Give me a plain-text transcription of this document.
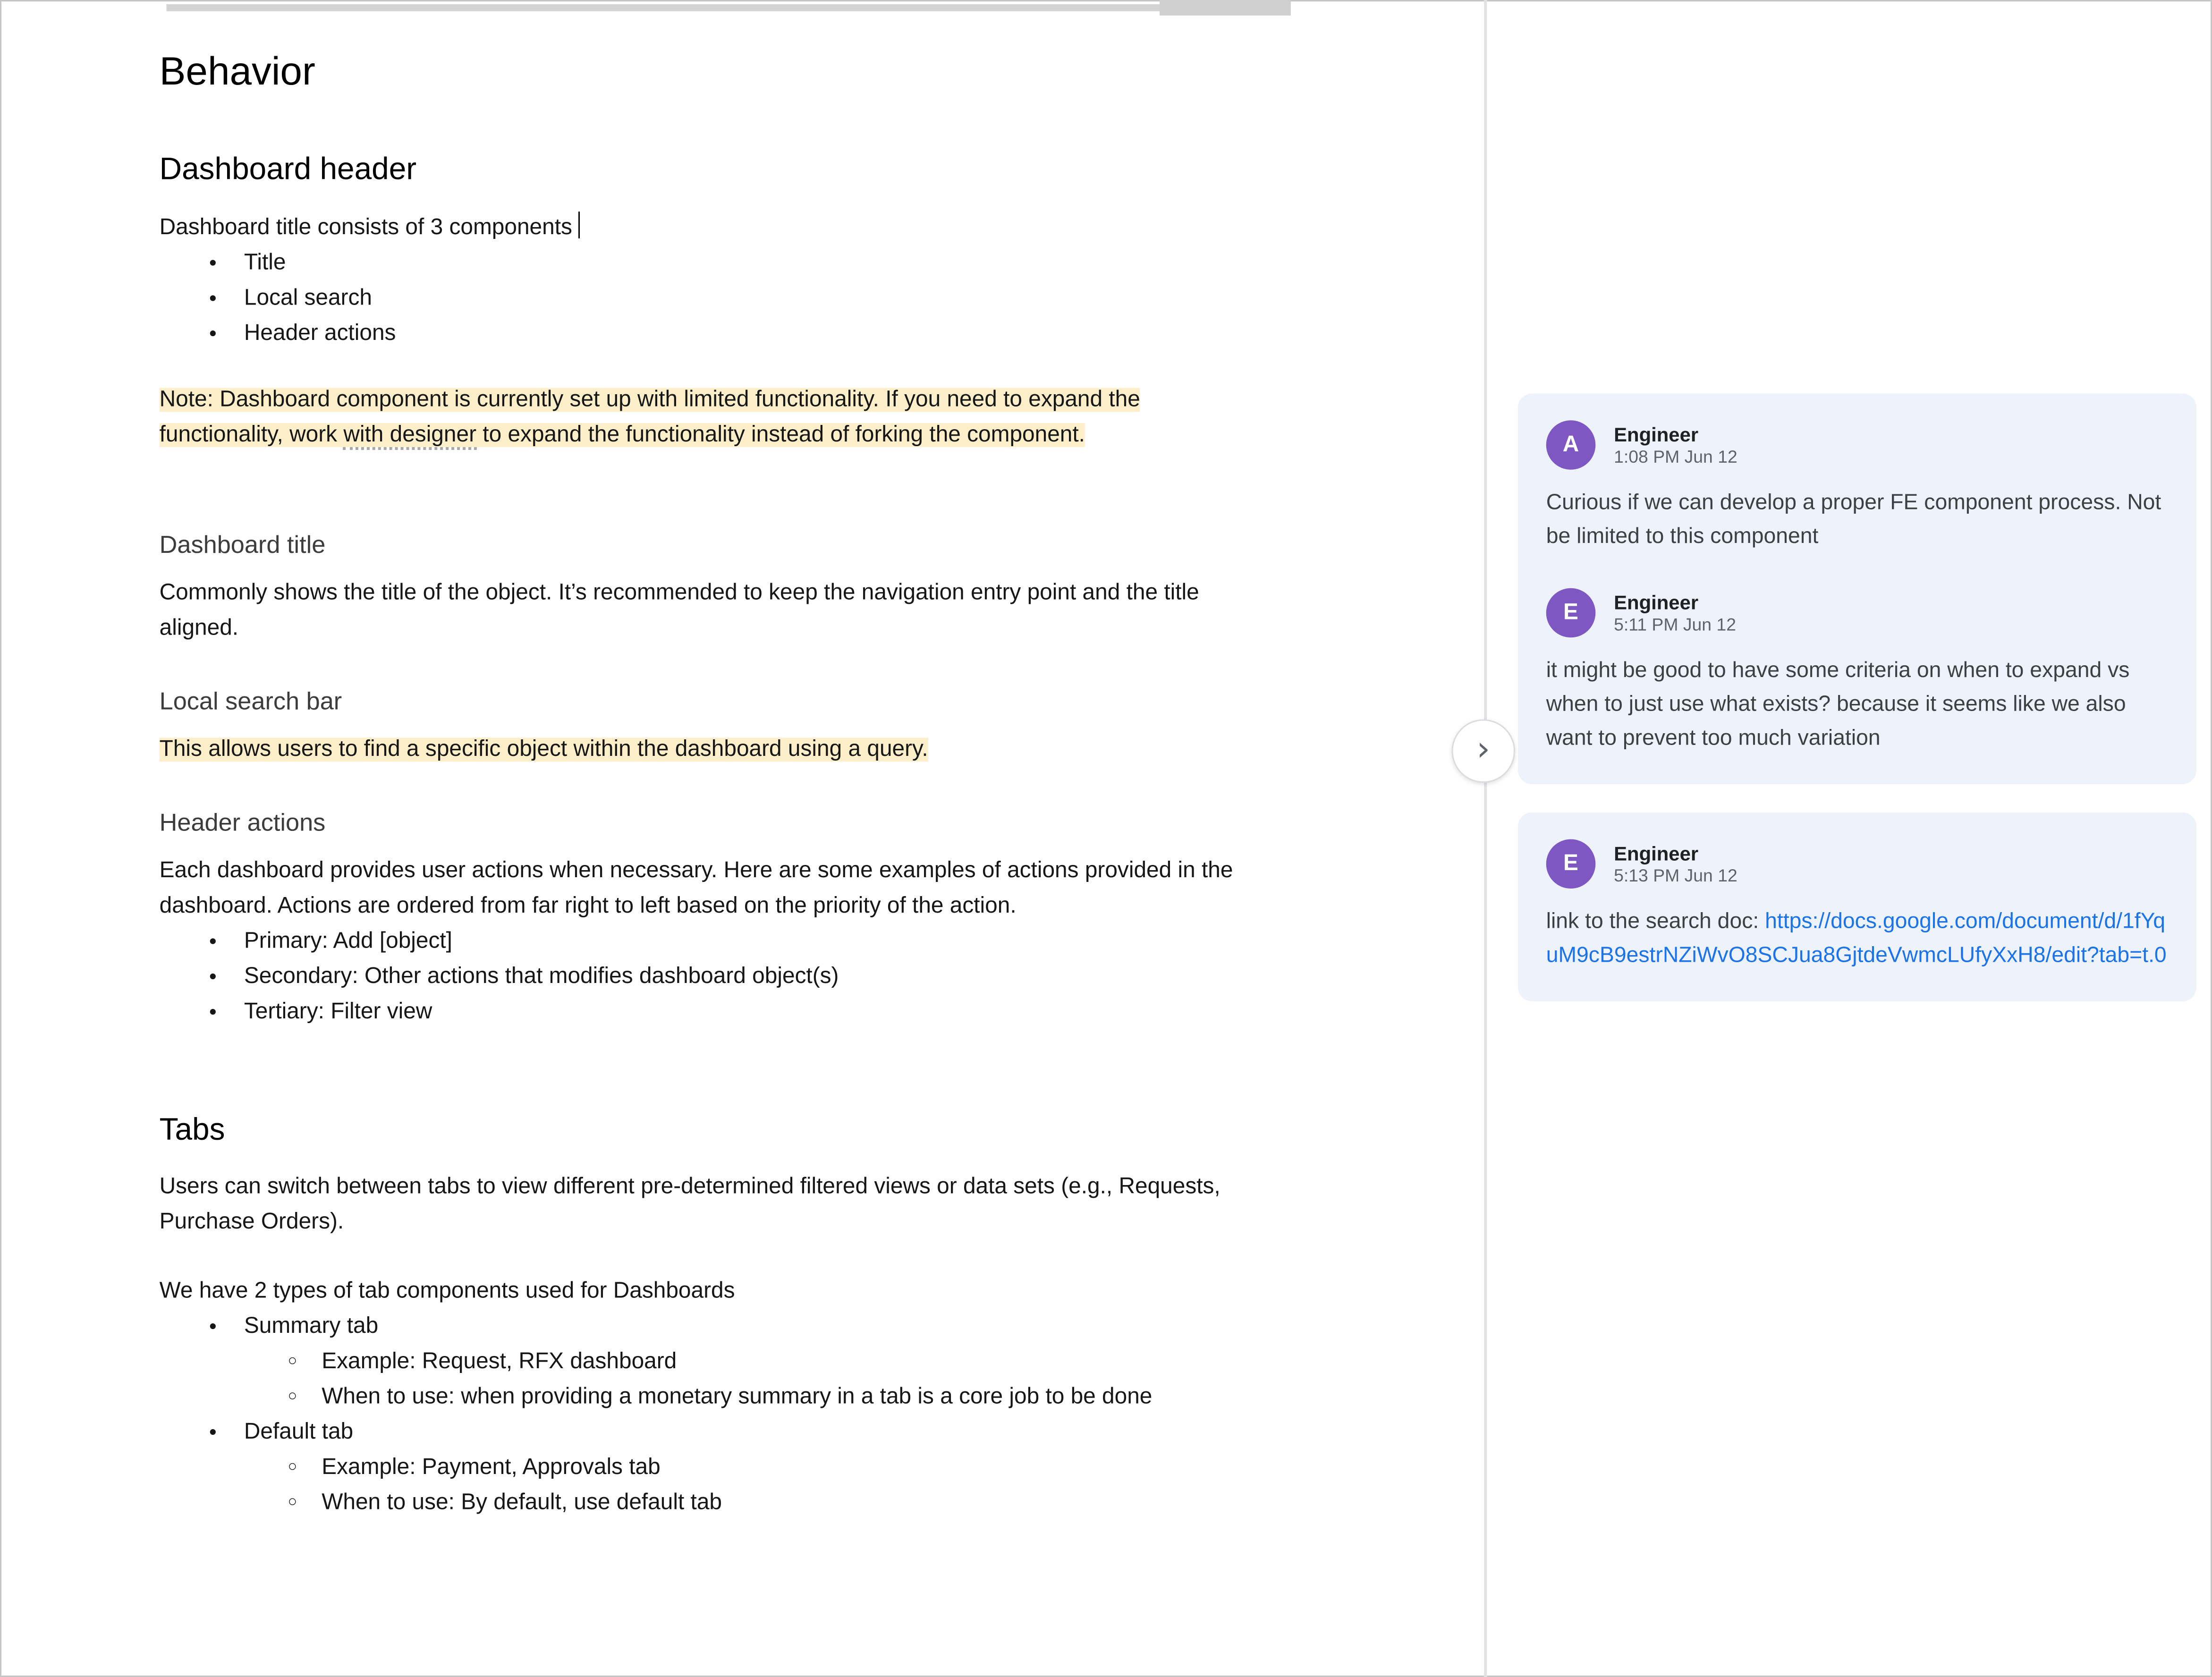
Behavior
Dashboard header

Dashboard title consists of 3 components

● Title
● Local search
● Header actions

Note: Dashboard component is currently set up with limited functionality. If you need to expand the functionality, work with designer to expand the functionality instead of forking the component.

Dashboard title

Commonly shows the title of the object. It’s recommended to keep the navigation entry point and the title aligned.

Local search bar

This allows users to find a specific object within the dashboard using a query.

Header actions

Each dashboard provides user actions when necessary. Here are some examples of actions provided in the dashboard. Actions are ordered from far right to left based on the priority of the action.

● Primary: Add [object]
● Secondary: Other actions that modifies dashboard object(s)
● Tertiary: Filter view
Tabs

Users can switch between tabs to view different pre-determined filtered views or data sets (e.g., Requests, Purchase Orders).

We have 2 types of tab components used for Dashboards

● Summary tab
○ Example: Request, RFX dashboard
○ When to use: when providing a monetary summary in a tab is a core job to be done
● Default tab
○ Example: Payment, Approvals tab
○ When to use: By default, use default tab
›
A	Engineer
1:08 PM Jun 12
Curious if we can develop a proper FE component process. Not be limited to this component
E	Engineer
5:11 PM Jun 12
it might be good to have some criteria on when to expand vs when to just use what exists? because it seems like we also want to prevent too much variation
E	Engineer
5:13 PM Jun 12
link to the search doc: https://docs.google.com/document/d/1fYquM9cB9estrNZiWvO8SCJua8GjtdeVwmcLUfyXxH8/edit?tab=t.0
